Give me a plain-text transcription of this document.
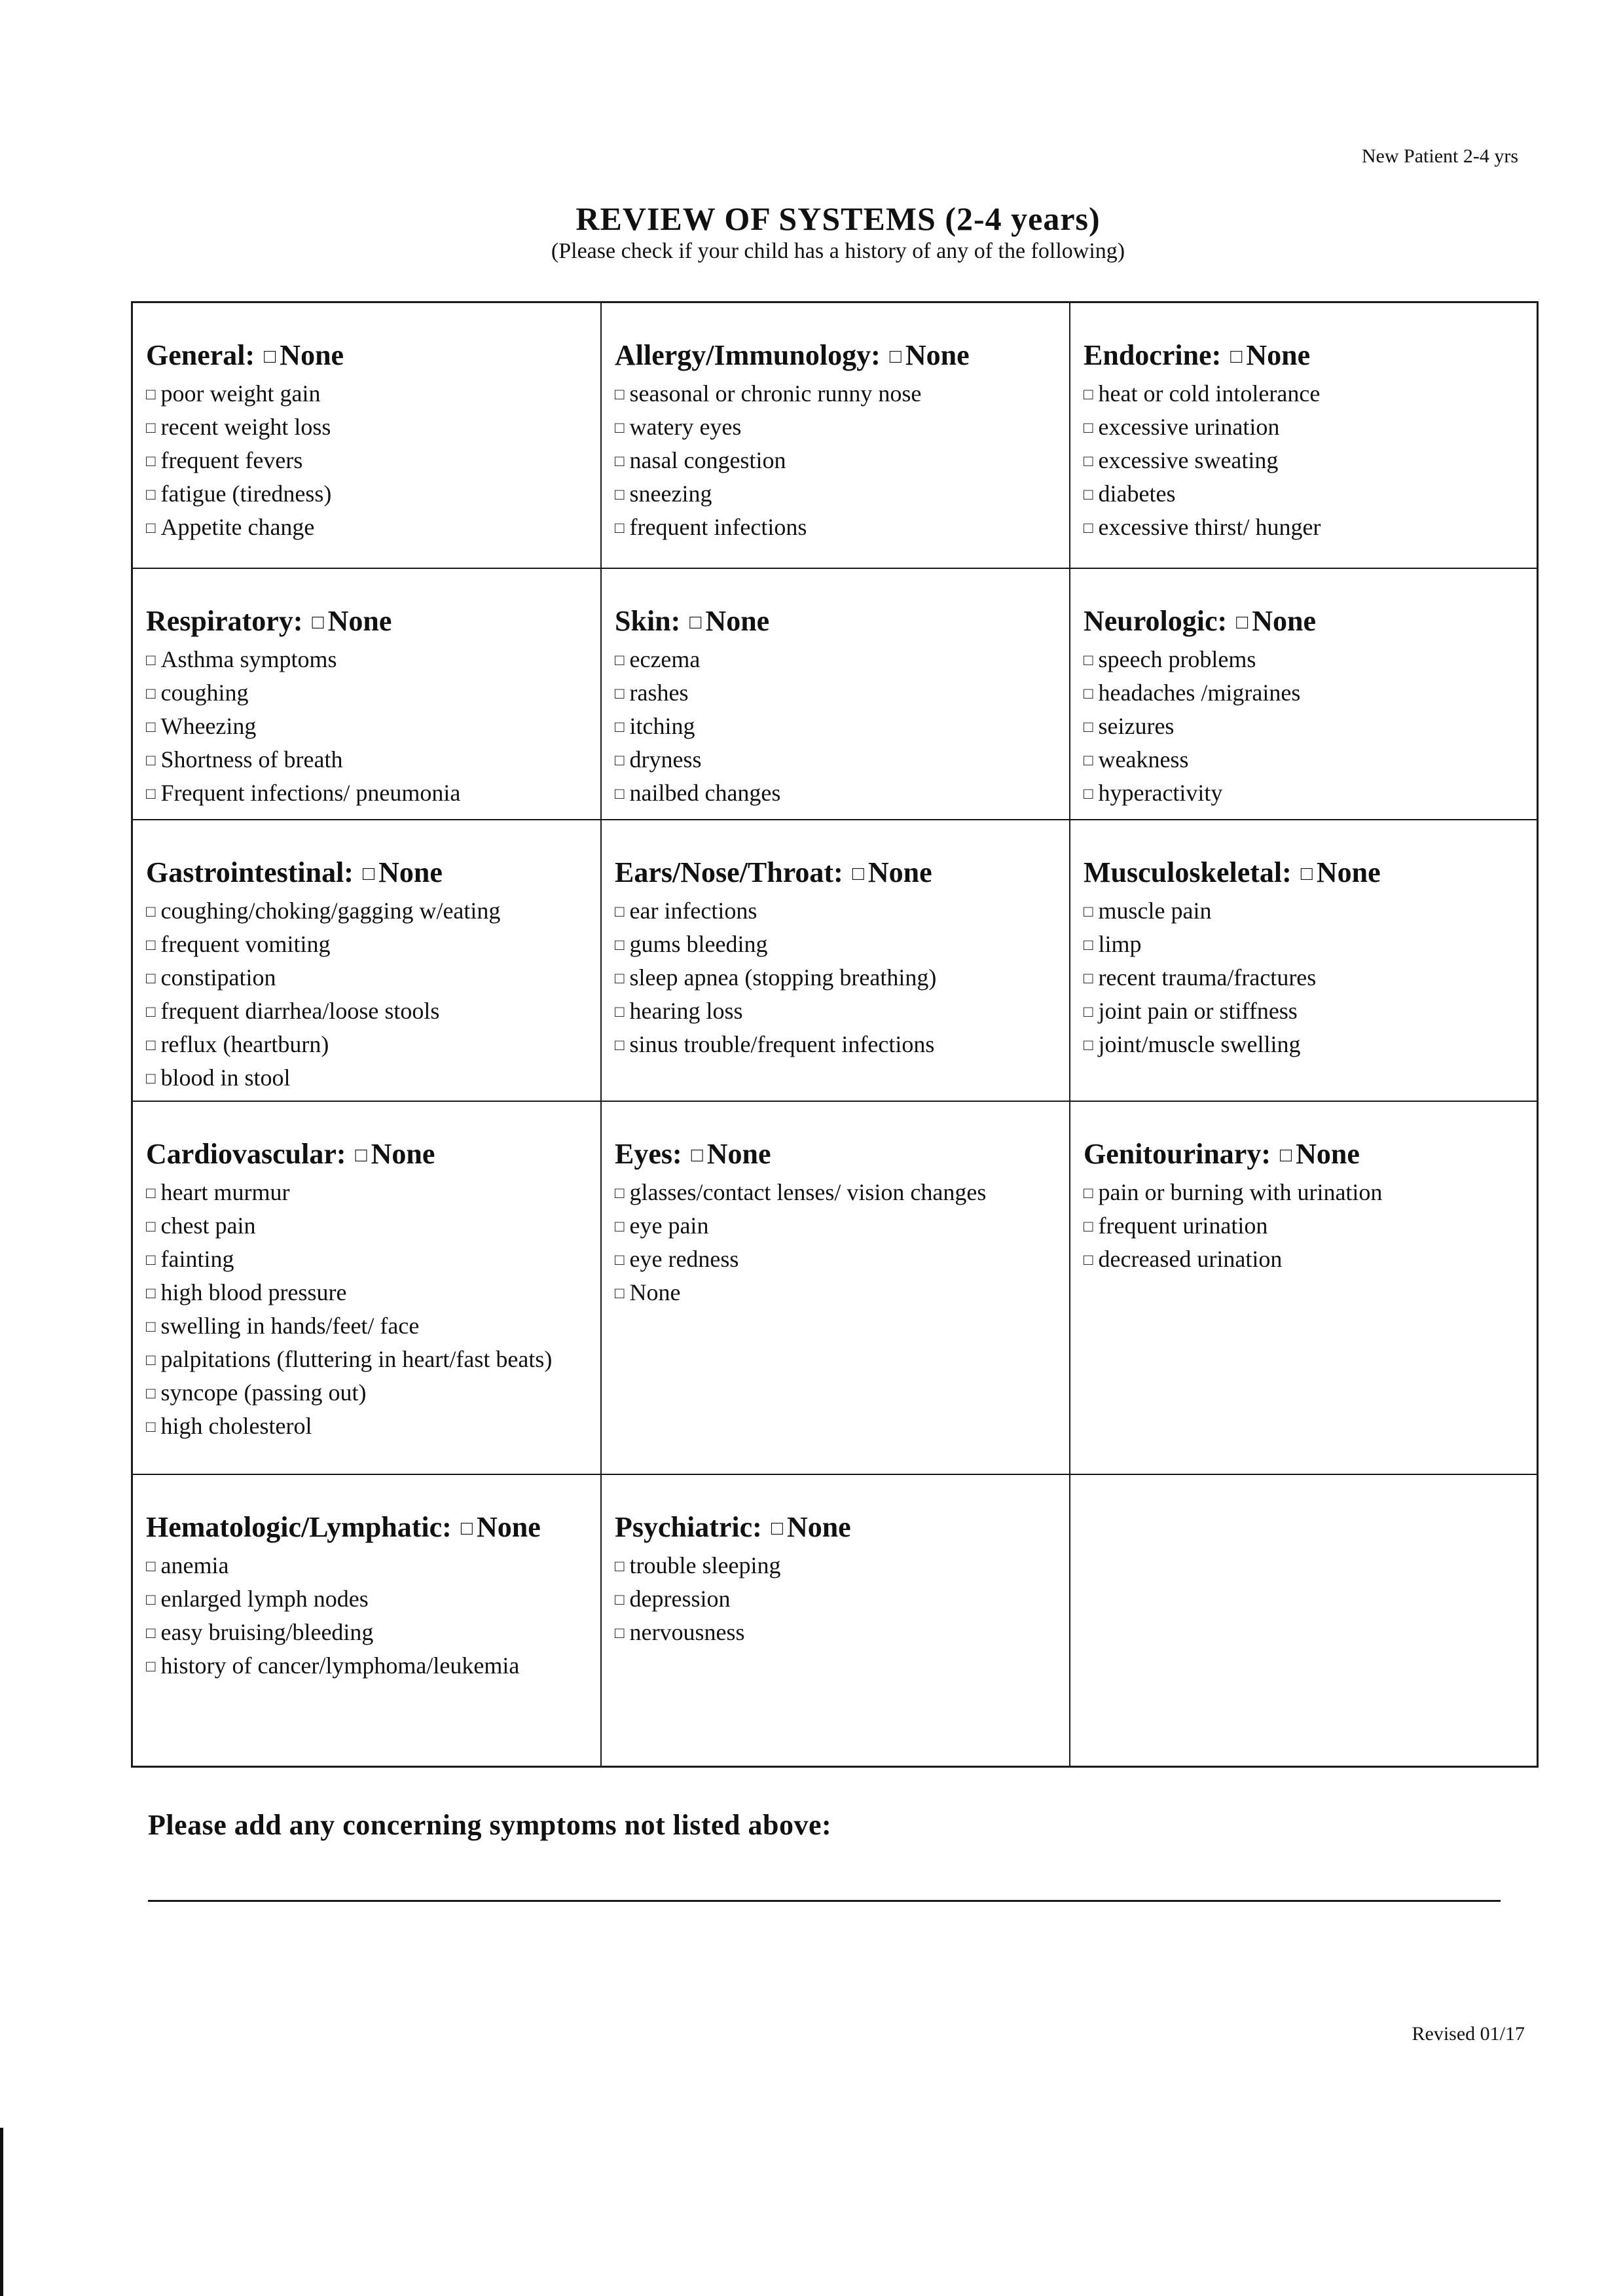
New Patient 2-4 yrs
REVIEW OF SYSTEMS (2-4 years)
(Please check if your child has a history of any of the following)
General: □ None
□ poor weight gain
□ recent weight loss
□ frequent fevers
□ fatigue (tiredness)
□ Appetite change
Allergy/Immunology: □ None
□ seasonal or chronic runny nose
□ watery eyes
□ nasal congestion
□ sneezing
□ frequent infections
Endocrine: □ None
□ heat or cold intolerance
□ excessive urination
□ excessive sweating
□ diabetes
□ excessive thirst/ hunger
Respiratory: □ None
□ Asthma symptoms
□ coughing
□ Wheezing
□ Shortness of breath
□ Frequent infections/ pneumonia
Skin: □ None
□ eczema
□ rashes
□ itching
□ dryness
□ nailbed changes
Neurologic: □ None
□ speech problems
□ headaches /migraines
□ seizures
□ weakness
□ hyperactivity
Gastrointestinal: □ None
□ coughing/choking/gagging w/eating
□ frequent vomiting
□ constipation
□ frequent diarrhea/loose stools
□ reflux (heartburn)
□ blood in stool
Ears/Nose/Throat: □ None
□ ear infections
□ gums bleeding
□ sleep apnea (stopping breathing)
□ hearing loss
□ sinus trouble/frequent infections
Musculoskeletal: □ None
□ muscle pain
□ limp
□ recent trauma/fractures
□ joint pain or stiffness
□ joint/muscle swelling
Cardiovascular: □ None
□ heart murmur
□ chest pain
□ fainting
□ high blood pressure
□ swelling in hands/feet/ face
□ palpitations (fluttering in heart/fast beats)
□ syncope (passing out)
□ high cholesterol
Eyes: □ None
□ glasses/contact lenses/ vision changes
□ eye pain
□ eye redness
□ None
Genitourinary: □ None
□ pain or burning with urination
□ frequent urination
□ decreased urination
Hematologic/Lymphatic: □ None
□ anemia
□ enlarged lymph nodes
□ easy bruising/bleeding
□ history of cancer/lymphoma/leukemia
Psychiatric: □ None
□ trouble sleeping
□ depression
□ nervousness
Please add any concerning symptoms not listed above:
Revised 01/17
